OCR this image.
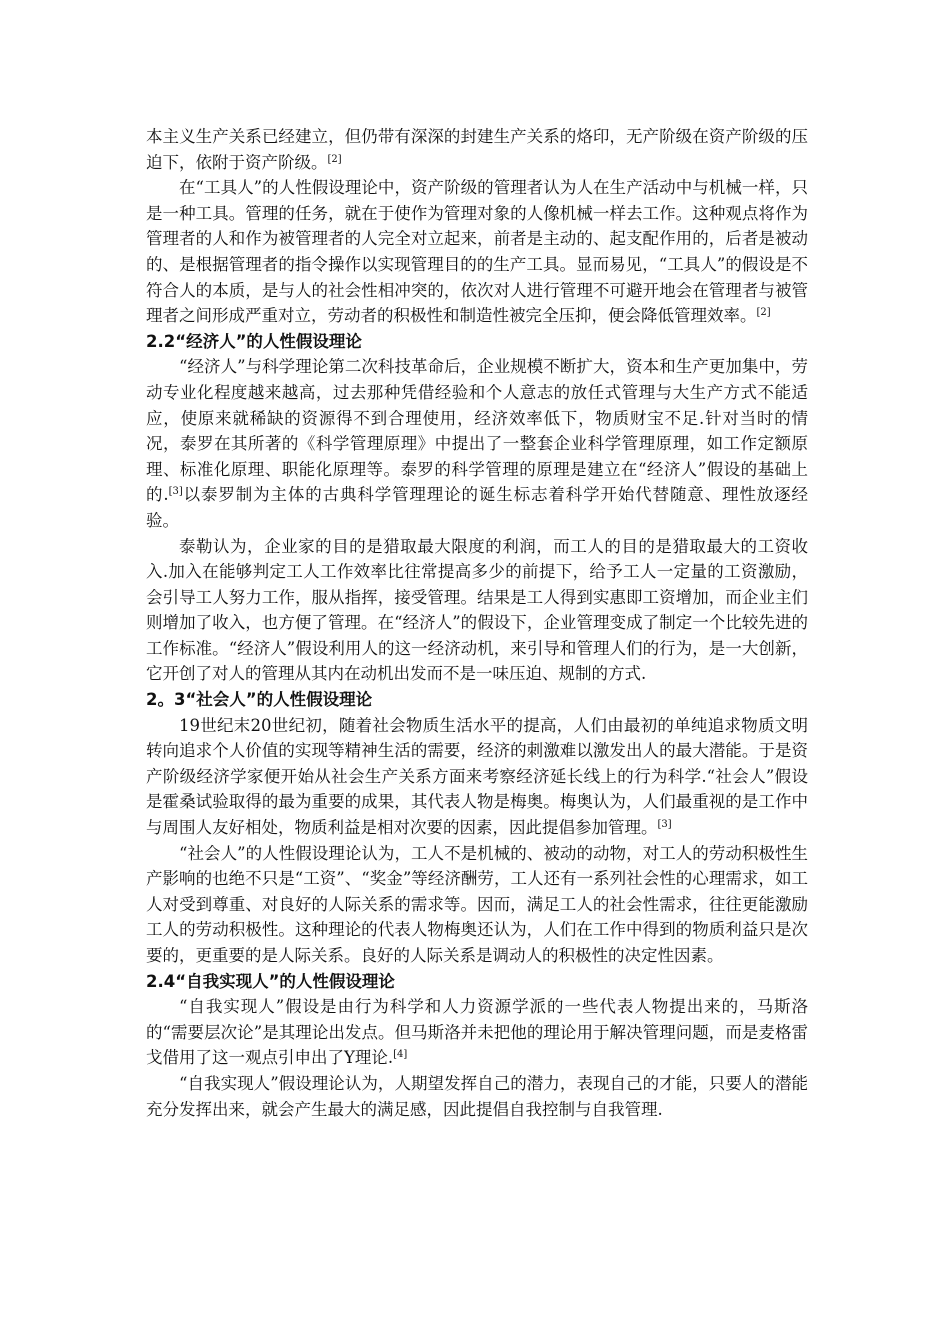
本主义生产关系已经建立，但仍带有深深的封建生产关系的烙印，无产阶级在资产阶级的压迫下，依附于资产阶级。[2]

在“工具人”的人性假设理论中，资产阶级的管理者认为人在生产活动中与机械一样，只是一种工具。管理的任务，就在于使作为管理对象的人像机械一样去工作。这种观点将作为管理者的人和作为被管理者的人完全对立起来，前者是主动的、起支配作用的，后者是被动的、是根据管理者的指令操作以实现管理目的的生产工具。显而易见，“工具人”的假设是不符合人的本质，是与人的社会性相冲突的，依次对人进行管理不可避开地会在管理者与被管理者之间形成严重对立，劳动者的积极性和制造性被完全压抑，便会降低管理效率。[2]

2.2“经济人”的人性假设理论

“经济人”与科学理论第二次科技革命后，企业规模不断扩大，资本和生产更加集中，劳动专业化程度越来越高，过去那种凭借经验和个人意志的放任式管理与大生产方式不能适应，使原来就稀缺的资源得不到合理使用，经济效率低下，物质财宝不足.针对当时的情况，泰罗在其所著的《科学管理原理》中提出了一整套企业科学管理原理，如工作定额原理、标准化原理、职能化原理等。泰罗的科学管理的原理是建立在“经济人”假设的基础上的.[3]以泰罗制为主体的古典科学管理理论的诞生标志着科学开始代替随意、理性放逐经验。

泰勒认为，企业家的目的是猎取最大限度的利润，而工人的目的是猎取最大的工资收入.加入在能够判定工人工作效率比往常提高多少的前提下，给予工人一定量的工资激励，会引导工人努力工作，服从指挥，接受管理。结果是工人得到实惠即工资增加，而企业主们则增加了收入，也方便了管理。在“经济人”的假设下，企业管理变成了制定一个比较先进的工作标准。“经济人”假设利用人的这一经济动机，来引导和管理人们的行为，是一大创新，它开创了对人的管理从其内在动机出发而不是一味压迫、规制的方式.

2。3“社会人”的人性假设理论

19世纪末20世纪初，随着社会物质生活水平的提高，人们由最初的单纯追求物质文明转向追求个人价值的实现等精神生活的需要，经济的刺激难以激发出人的最大潜能。于是资产阶级经济学家便开始从社会生产关系方面来考察经济延长线上的行为科学.“社会人”假设是霍桑试验取得的最为重要的成果，其代表人物是梅奥。梅奥认为，人们最重视的是工作中与周围人友好相处，物质利益是相对次要的因素，因此提倡参加管理。[3]

“社会人”的人性假设理论认为，工人不是机械的、被动的动物，对工人的劳动积极性生产影响的也绝不只是“工资”、“奖金”等经济酬劳，工人还有一系列社会性的心理需求，如工人对受到尊重、对良好的人际关系的需求等。因而，满足工人的社会性需求，往往更能激励工人的劳动积极性。这种理论的代表人物梅奥还认为，人们在工作中得到的物质利益只是次要的，更重要的是人际关系。良好的人际关系是调动人的积极性的决定性因素。

2.4“自我实现人”的人性假设理论

“自我实现人”假设是由行为科学和人力资源学派的一些代表人物提出来的，马斯洛的“需要层次论”是其理论出发点。但马斯洛并未把他的理论用于解决管理问题，而是麦格雷戈借用了这一观点引申出了Y理论.[4]

“自我实现人”假设理论认为，人期望发挥自己的潜力，表现自己的才能，只要人的潜能充分发挥出来，就会产生最大的满足感，因此提倡自我控制与自我管理.
